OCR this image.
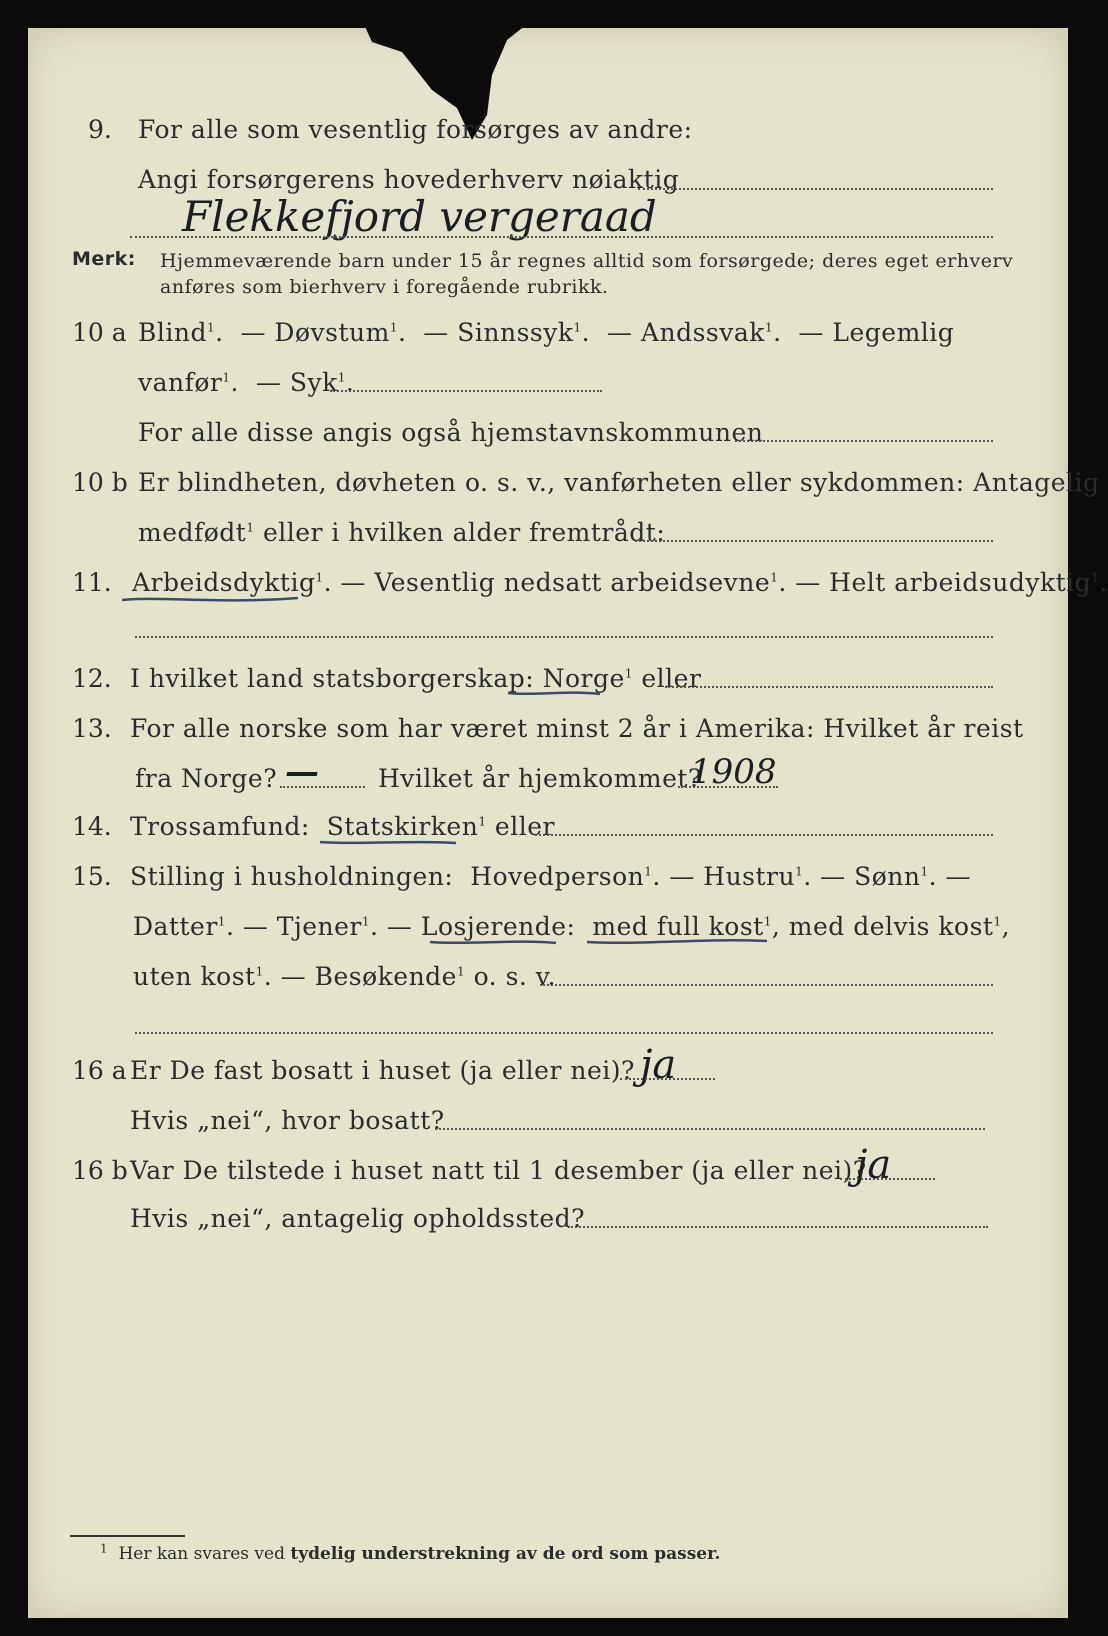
9. For alle som vesentlig forsørges av andre:
Angi forsørgerens hovederhverv nøiaktig
Flekkefjord vergeraad
Merk: Hjemmeværende barn under 15 år regnes alltid som forsørgede; deres eget erhverv
anføres som bierhverv i foregående rubrikk.
10 a Blind$^1$.  — Døvstum$^1$.  — Sinnssyk$^1$.  — Andssvak$^1$.  — Legemlig
vanfør$^1$.  — Syk$^1$.
For alle disse angis også hjemstavnskommunen
10 b Er blindheten, døvheten o. s. v., vanførheten eller sykdommen: Antagelig
medfødt$^1$ eller i hvilken alder fremtrådt:
11. Arbeidsdyktig$^1$. — Vesentlig nedsatt arbeidsevne$^1$. — Helt arbeidsudyktig$^1$.
12. I hvilket land statsborgerskap: Norge$^1$ eller
13. For alle norske som har været minst 2 år i Amerika: Hvilket år reist
fra Norge? — Hvilket år hjemkommet?
1908
14. Trossamfund: Statskirken$^1$ eller
15. Stilling i husholdningen: Hovedperson$^1$. — Hustru$^1$. — Sønn$^1$. —
Datter$^1$. — Tjener$^1$. — Losjerende: med full kost$^1$, med delvis kost$^1$,
uten kost$^1$. — Besøkende$^1$ o. s. v.
16 a Er De fast bosatt i huset (ja eller nei)? ja
Hvis „nei“, hvor bosatt?
16 b Var De tilstede i huset natt til 1 desember (ja eller nei)?
ja
Hvis „nei“, antagelig opholdssted?
$^1$ Her kan svares ved tydelig understrekning av de ord som passer.
